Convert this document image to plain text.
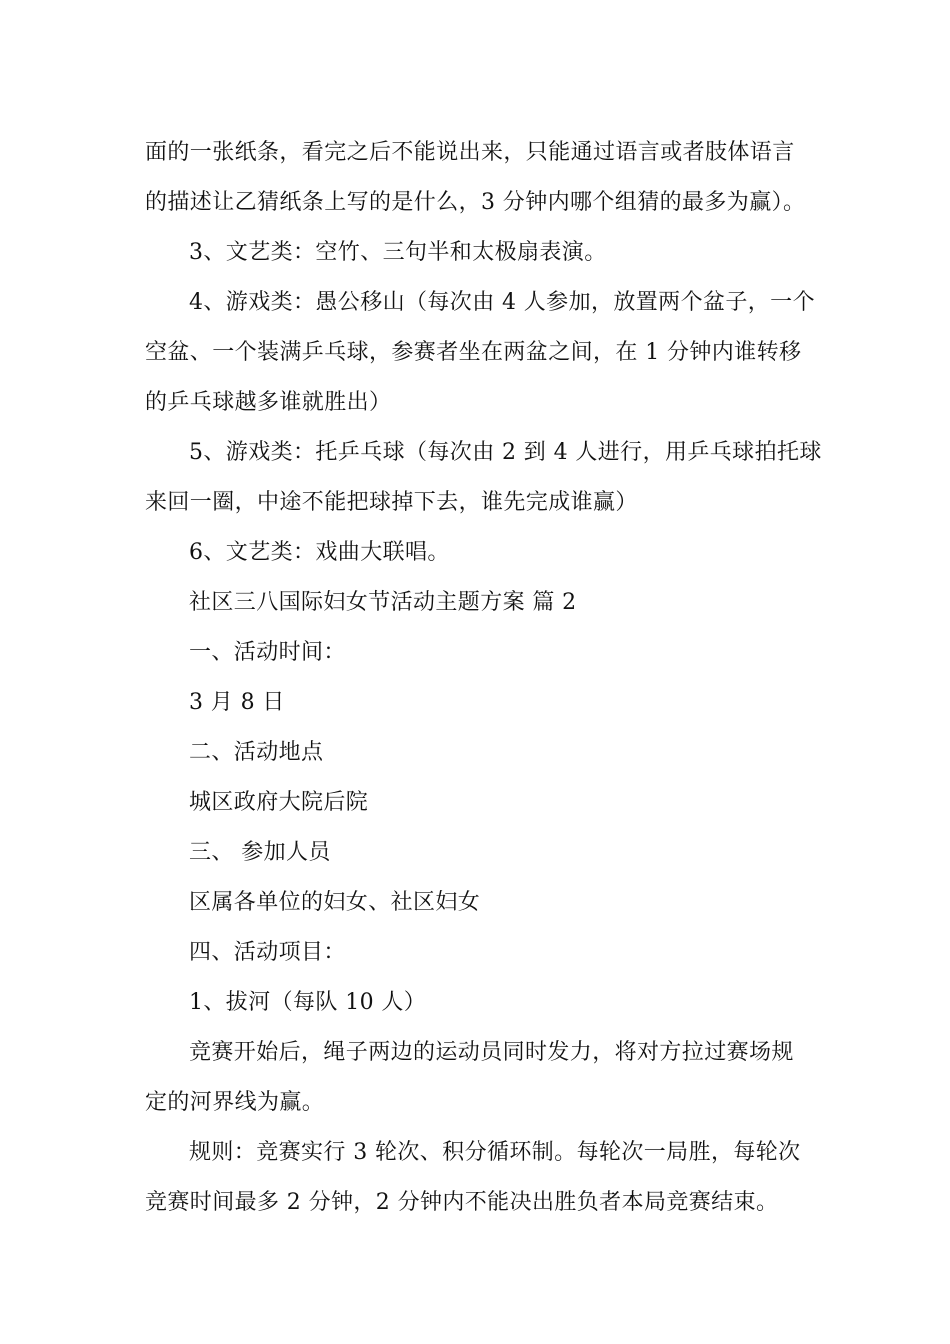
面的一张纸条，看完之后不能说出来，只能通过语言或者肢体语言
的描述让乙猜纸条上写的是什么，3 分钟内哪个组猜的最多为赢）。
3、文艺类：空竹、三句半和太极扇表演。
4、游戏类：愚公移山（每次由 4 人参加，放置两个盆子，一个
空盆、一个装满乒乓球，参赛者坐在两盆之间，在 1 分钟内谁转移
的乒乓球越多谁就胜出）
5、游戏类：托乒乓球（每次由 2 到 4 人进行，用乒乓球拍托球
来回一圈，中途不能把球掉下去，谁先完成谁赢）
6、文艺类：戏曲大联唱。
社区三八国际妇女节活动主题方案 篇 2
一、活动时间：
3 月 8 日
二、活动地点
城区政府大院后院
三、 参加人员
区属各单位的妇女、社区妇女
四、活动项目：
1、拔河（每队 10 人）
竞赛开始后，绳子两边的运动员同时发力，将对方拉过赛场规
定的河界线为赢。
规则：竞赛实行 3 轮次、积分循环制。每轮次一局胜，每轮次
竞赛时间最多 2 分钟，2 分钟内不能决出胜负者本局竞赛结束。
